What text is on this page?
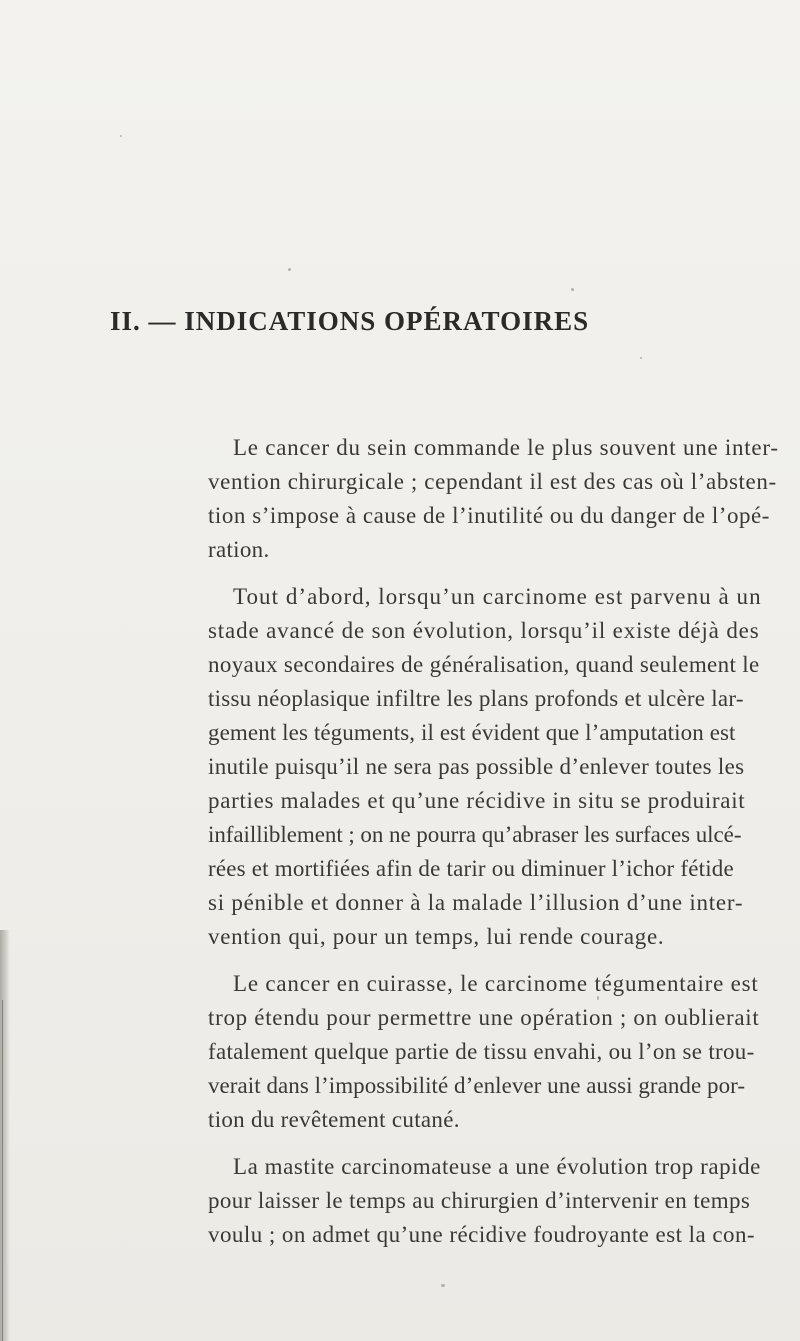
II. — INDICATIONS OPÉRATOIRES
Le cancer du sein commande le plus souvent une inter-
vention chirurgicale ; cependant il est des cas où l’absten-
tion s’impose à cause de l’inutilité ou du danger de l’opé-
ration.
Tout d’abord, lorsqu’un carcinome est parvenu à un
stade avancé de son évolution, lorsqu’il existe déjà des
noyaux secondaires de généralisation, quand seulement le
tissu néoplasique infiltre les plans profonds et ulcère lar-
gement les téguments, il est évident que l’amputation est
inutile puisqu’il ne sera pas possible d’enlever toutes les
parties malades et qu’une récidive in situ se produirait
infailliblement ; on ne pourra qu’abraser les surfaces ulcé-
rées et mortifiées afin de tarir ou diminuer l’ichor fétide
si pénible et donner à la malade l’illusion d’une inter-
vention qui, pour un temps, lui rende courage.
Le cancer en cuirasse, le carcinome tégumentaire est
trop étendu pour permettre une opération ; on oublierait
fatalement quelque partie de tissu envahi, ou l’on se trou-
verait dans l’impossibilité d’enlever une aussi grande por-
tion du revêtement cutané.
La mastite carcinomateuse a une évolution trop rapide
pour laisser le temps au chirurgien d’intervenir en temps
voulu ; on admet qu’une récidive foudroyante est la con-
